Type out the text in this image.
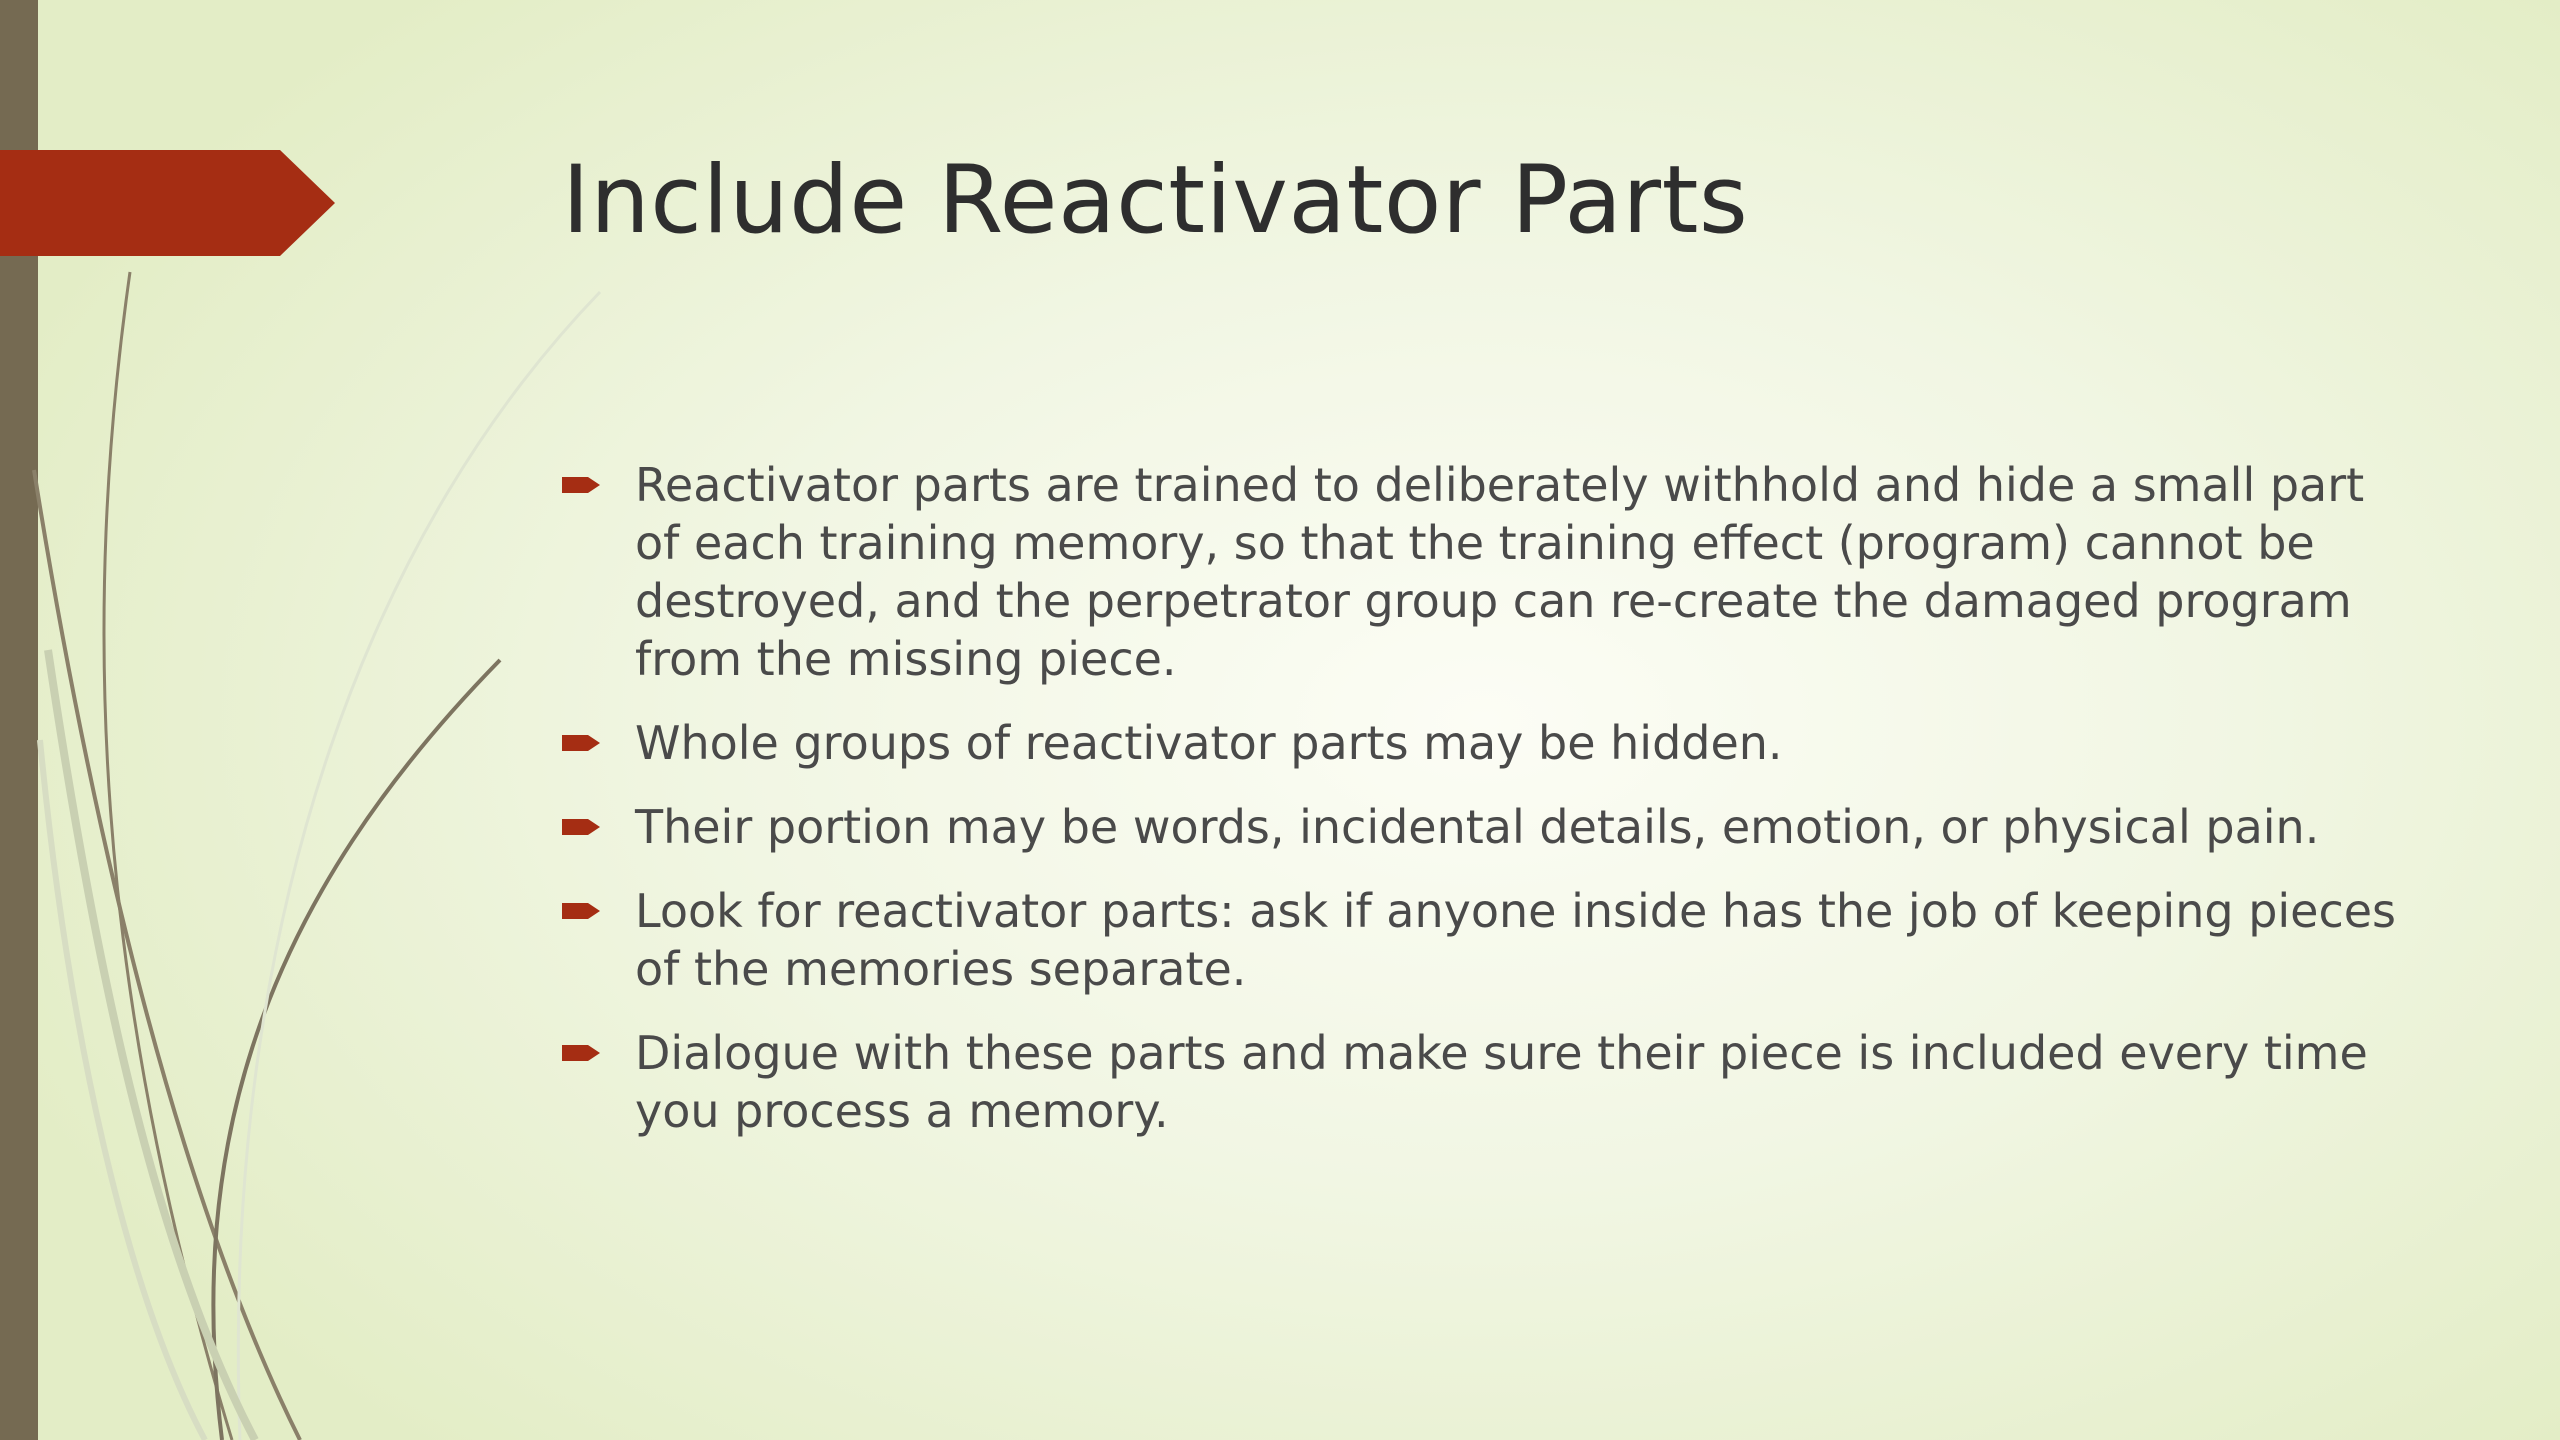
Include Reactivator Parts
Reactivator parts are trained to deliberately withhold and hide a small part of each training memory, so that the training effect (program) cannot be destroyed, and the perpetrator group can re-create the damaged program from the missing piece.
Whole groups of reactivator parts may be hidden.
Their portion may be words, incidental details, emotion, or physical pain.
Look for reactivator parts: ask if anyone inside has the job of keeping pieces of the memories separate.
Dialogue with these parts and make sure their piece is included every time you process a memory.
